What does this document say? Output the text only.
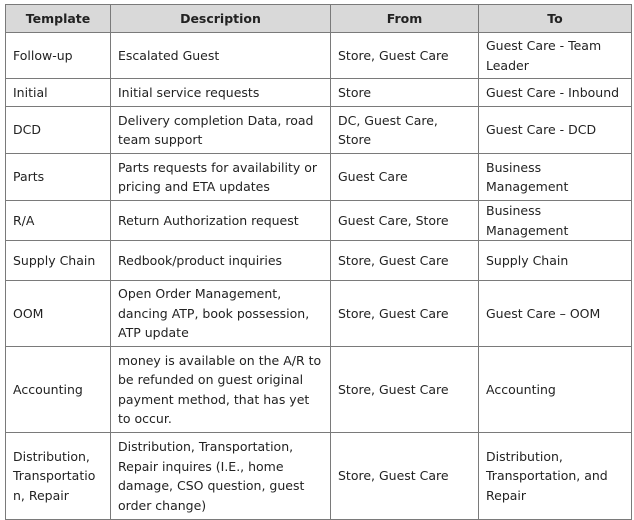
Template	Description	From	To
Follow-up	Escalated Guest	Store, Guest Care	Guest Care - Team Leader
Initial	Initial service requests	Store	Guest Care - Inbound
DCD	Delivery completion Data, road team support	DC, Guest Care, Store	Guest Care - DCD
Parts	Parts requests for availability or pricing and ETA updates	Guest Care	Business Management
R/A	Return Authorization request	Guest Care, Store	Business Management
Supply Chain	Redbook/product inquiries	Store, Guest Care	Supply Chain
OOM	Open Order Management, dancing ATP, book possession, ATP update	Store, Guest Care	Guest Care – OOM
Accounting	money is available on the A/R to be refunded on guest original payment method, that has yet to occur.	Store, Guest Care	Accounting
Distribution, Transportation, Repair	Distribution, Transportation, Repair inquires (I.E., home damage, CSO question, guest order change)	Store, Guest Care	Distribution, Transportation, and Repair
